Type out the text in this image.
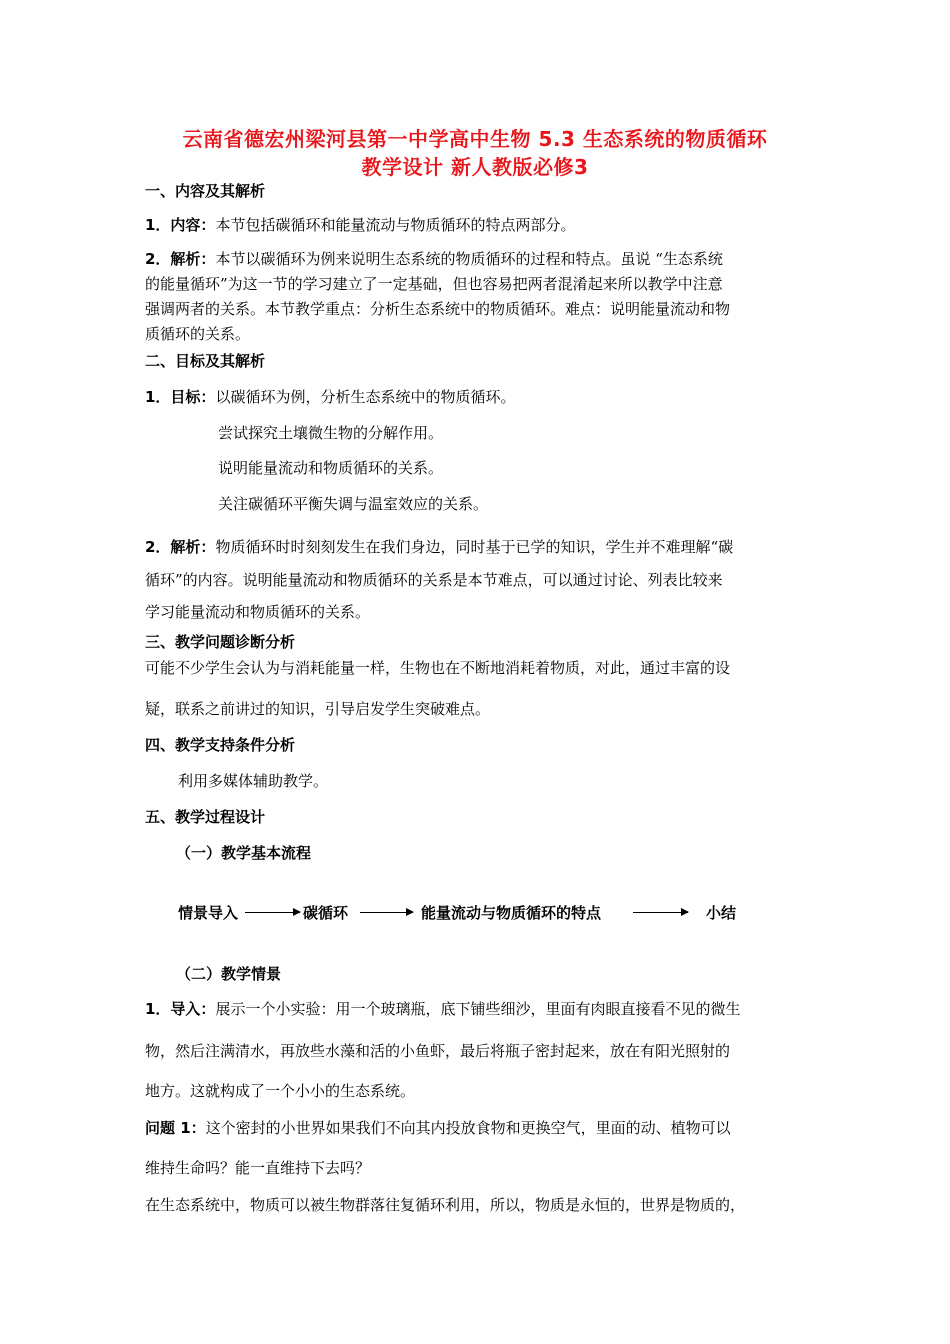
云南省德宏州梁河县第一中学高中生物 5.3 生态系统的物质循环
教学设计 新人教版必修3
一、内容及其解析
1．内容：本节包括碳循环和能量流动与物质循环的特点两部分。
2．解析：本节以碳循环为例来说明生态系统的物质循环的过程和特点。虽说 “生态系统
的能量循环”为这一节的学习建立了一定基础，但也容易把两者混淆起来所以教学中注意
强调两者的关系。本节教学重点：分析生态系统中的物质循环。难点：说明能量流动和物
质循环的关系。
二、目标及其解析
1．目标：以碳循环为例，分析生态系统中的物质循环。
尝试探究土壤微生物的分解作用。
说明能量流动和物质循环的关系。
关注碳循环平衡失调与温室效应的关系。
2．解析：物质循环时时刻刻发生在我们身边，同时基于已学的知识，学生并不难理解“碳
循环”的内容。说明能量流动和物质循环的关系是本节难点，可以通过讨论、列表比较来
学习能量流动和物质循环的关系。
三、教学问题诊断分析
可能不少学生会认为与消耗能量一样，生物也在不断地消耗着物质，对此，通过丰富的设
疑，联系之前讲过的知识，引导启发学生突破难点。
四、教学支持条件分析
利用多媒体辅助教学。
五、教学过程设计
（一）教学基本流程
情景导入	碳循环	能量流动与物质循环的特点	小结
（二）教学情景
1．导入：展示一个小实验：用一个玻璃瓶，底下铺些细沙，里面有肉眼直接看不见的微生
物，然后注满清水，再放些水藻和活的小鱼虾，最后将瓶子密封起来，放在有阳光照射的
地方。这就构成了一个小小的生态系统。
问题 1：这个密封的小世界如果我们不向其内投放食物和更换空气，里面的动、植物可以
维持生命吗？能一直维持下去吗？
在生态系统中，物质可以被生物群落往复循环利用，所以，物质是永恒的，世界是物质的，
